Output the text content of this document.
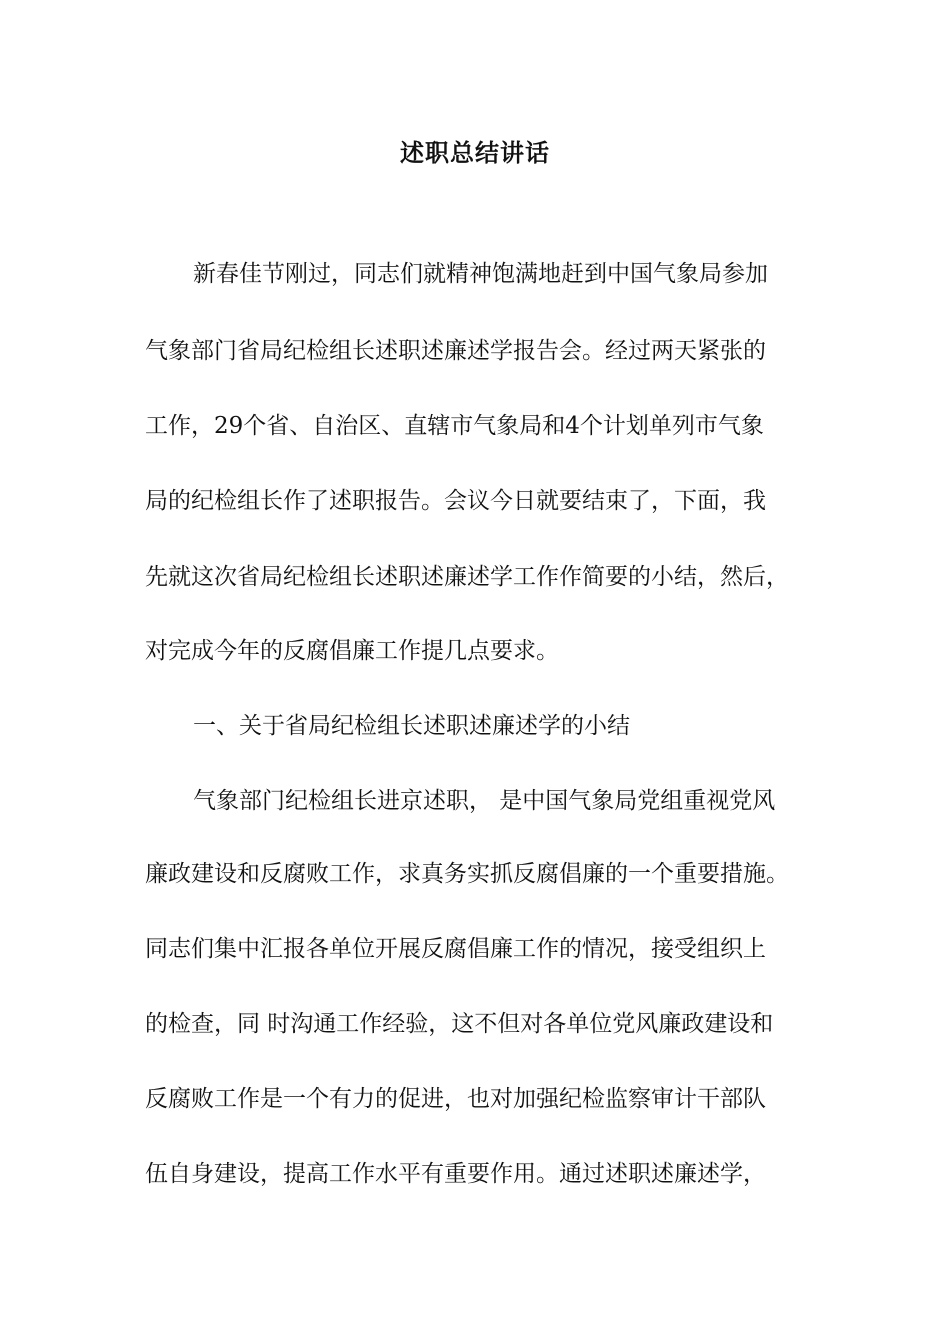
述职总结讲话

新春佳节刚过，同志们就精神饱满地赶到中国气象局参加

气象部门省局纪检组长述职述廉述学报告会。经过两天紧张的

工作，29个省、自治区、直辖市气象局和4个计划单列市气象

局的纪检组长作了述职报告。会议今日就要结束了，下面，我

先就这次省局纪检组长述职述廉述学工作作简要的小结，然后，

对完成今年的反腐倡廉工作提几点要求。

一、关于省局纪检组长述职述廉述学的小结

气象部门纪检组长进京述职， 是中国气象局党组重视党风

廉政建设和反腐败工作，求真务实抓反腐倡廉的一个重要措施。

同志们集中汇报各单位开展反腐倡廉工作的情况，接受组织上

的检查，同 时沟通工作经验，这不但对各单位党风廉政建设和

反腐败工作是一个有力的促进，也对加强纪检监察审计干部队

伍自身建设，提高工作水平有重要作用。通过述职述廉述学，
